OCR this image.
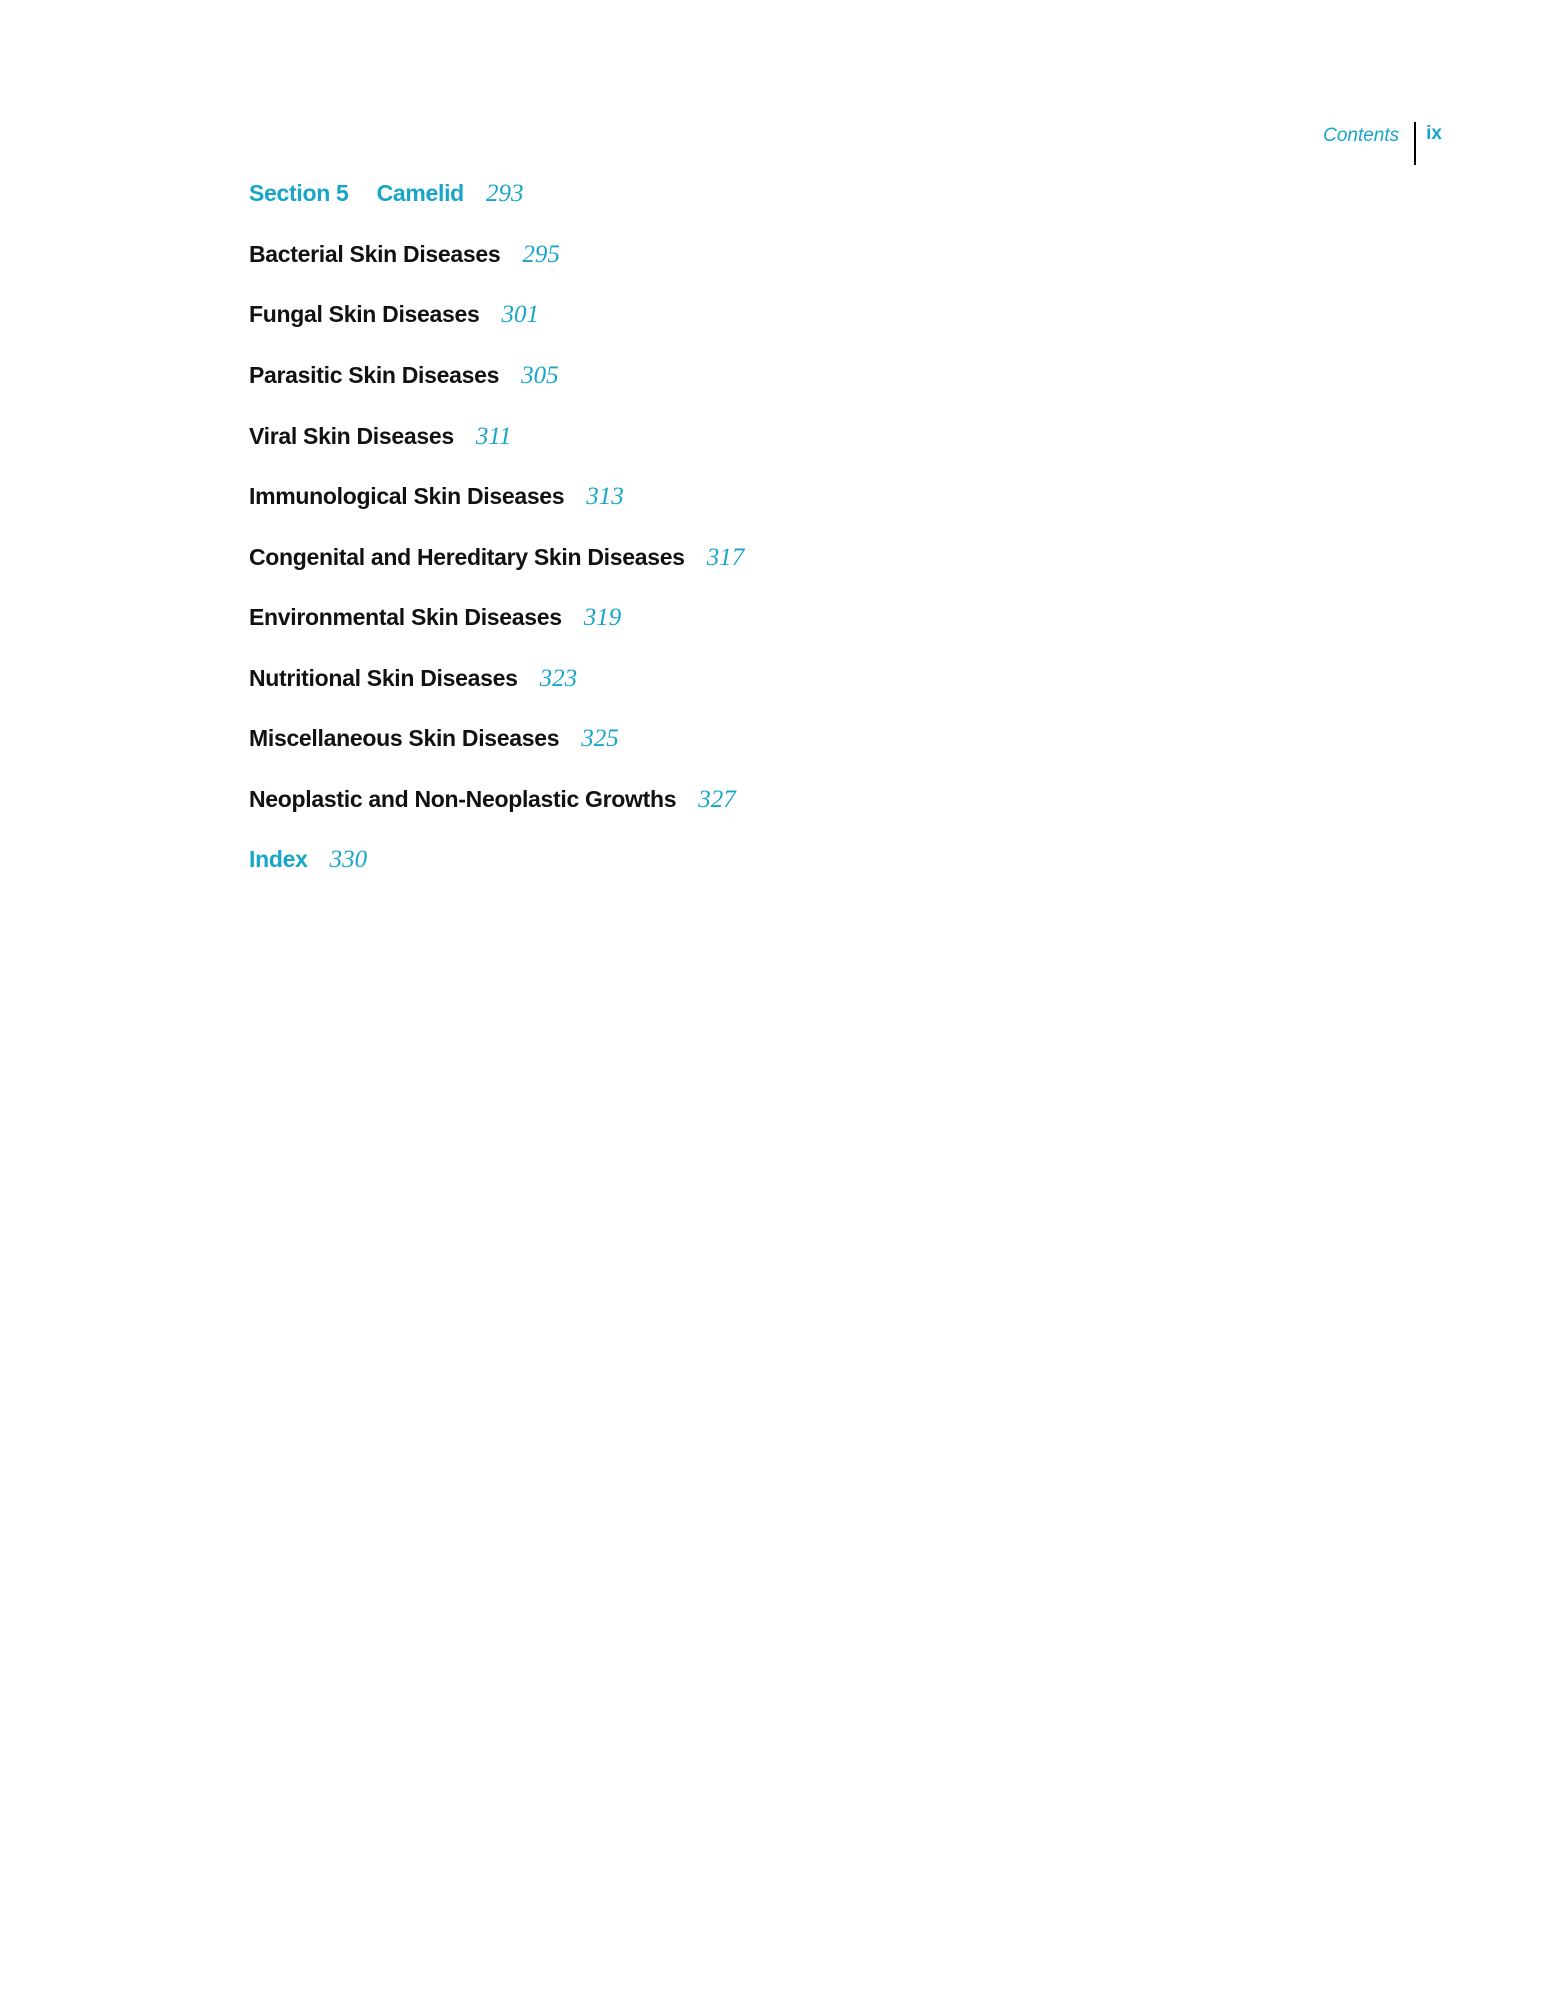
Contents ix
Section 5 Camelid 293
Bacterial Skin Diseases 295
Fungal Skin Diseases 301
Parasitic Skin Diseases 305
Viral Skin Diseases 311
Immunological Skin Diseases 313
Congenital and Hereditary Skin Diseases 317
Environmental Skin Diseases 319
Nutritional Skin Diseases 323
Miscellaneous Skin Diseases 325
Neoplastic and Non-Neoplastic Growths 327
Index 330
